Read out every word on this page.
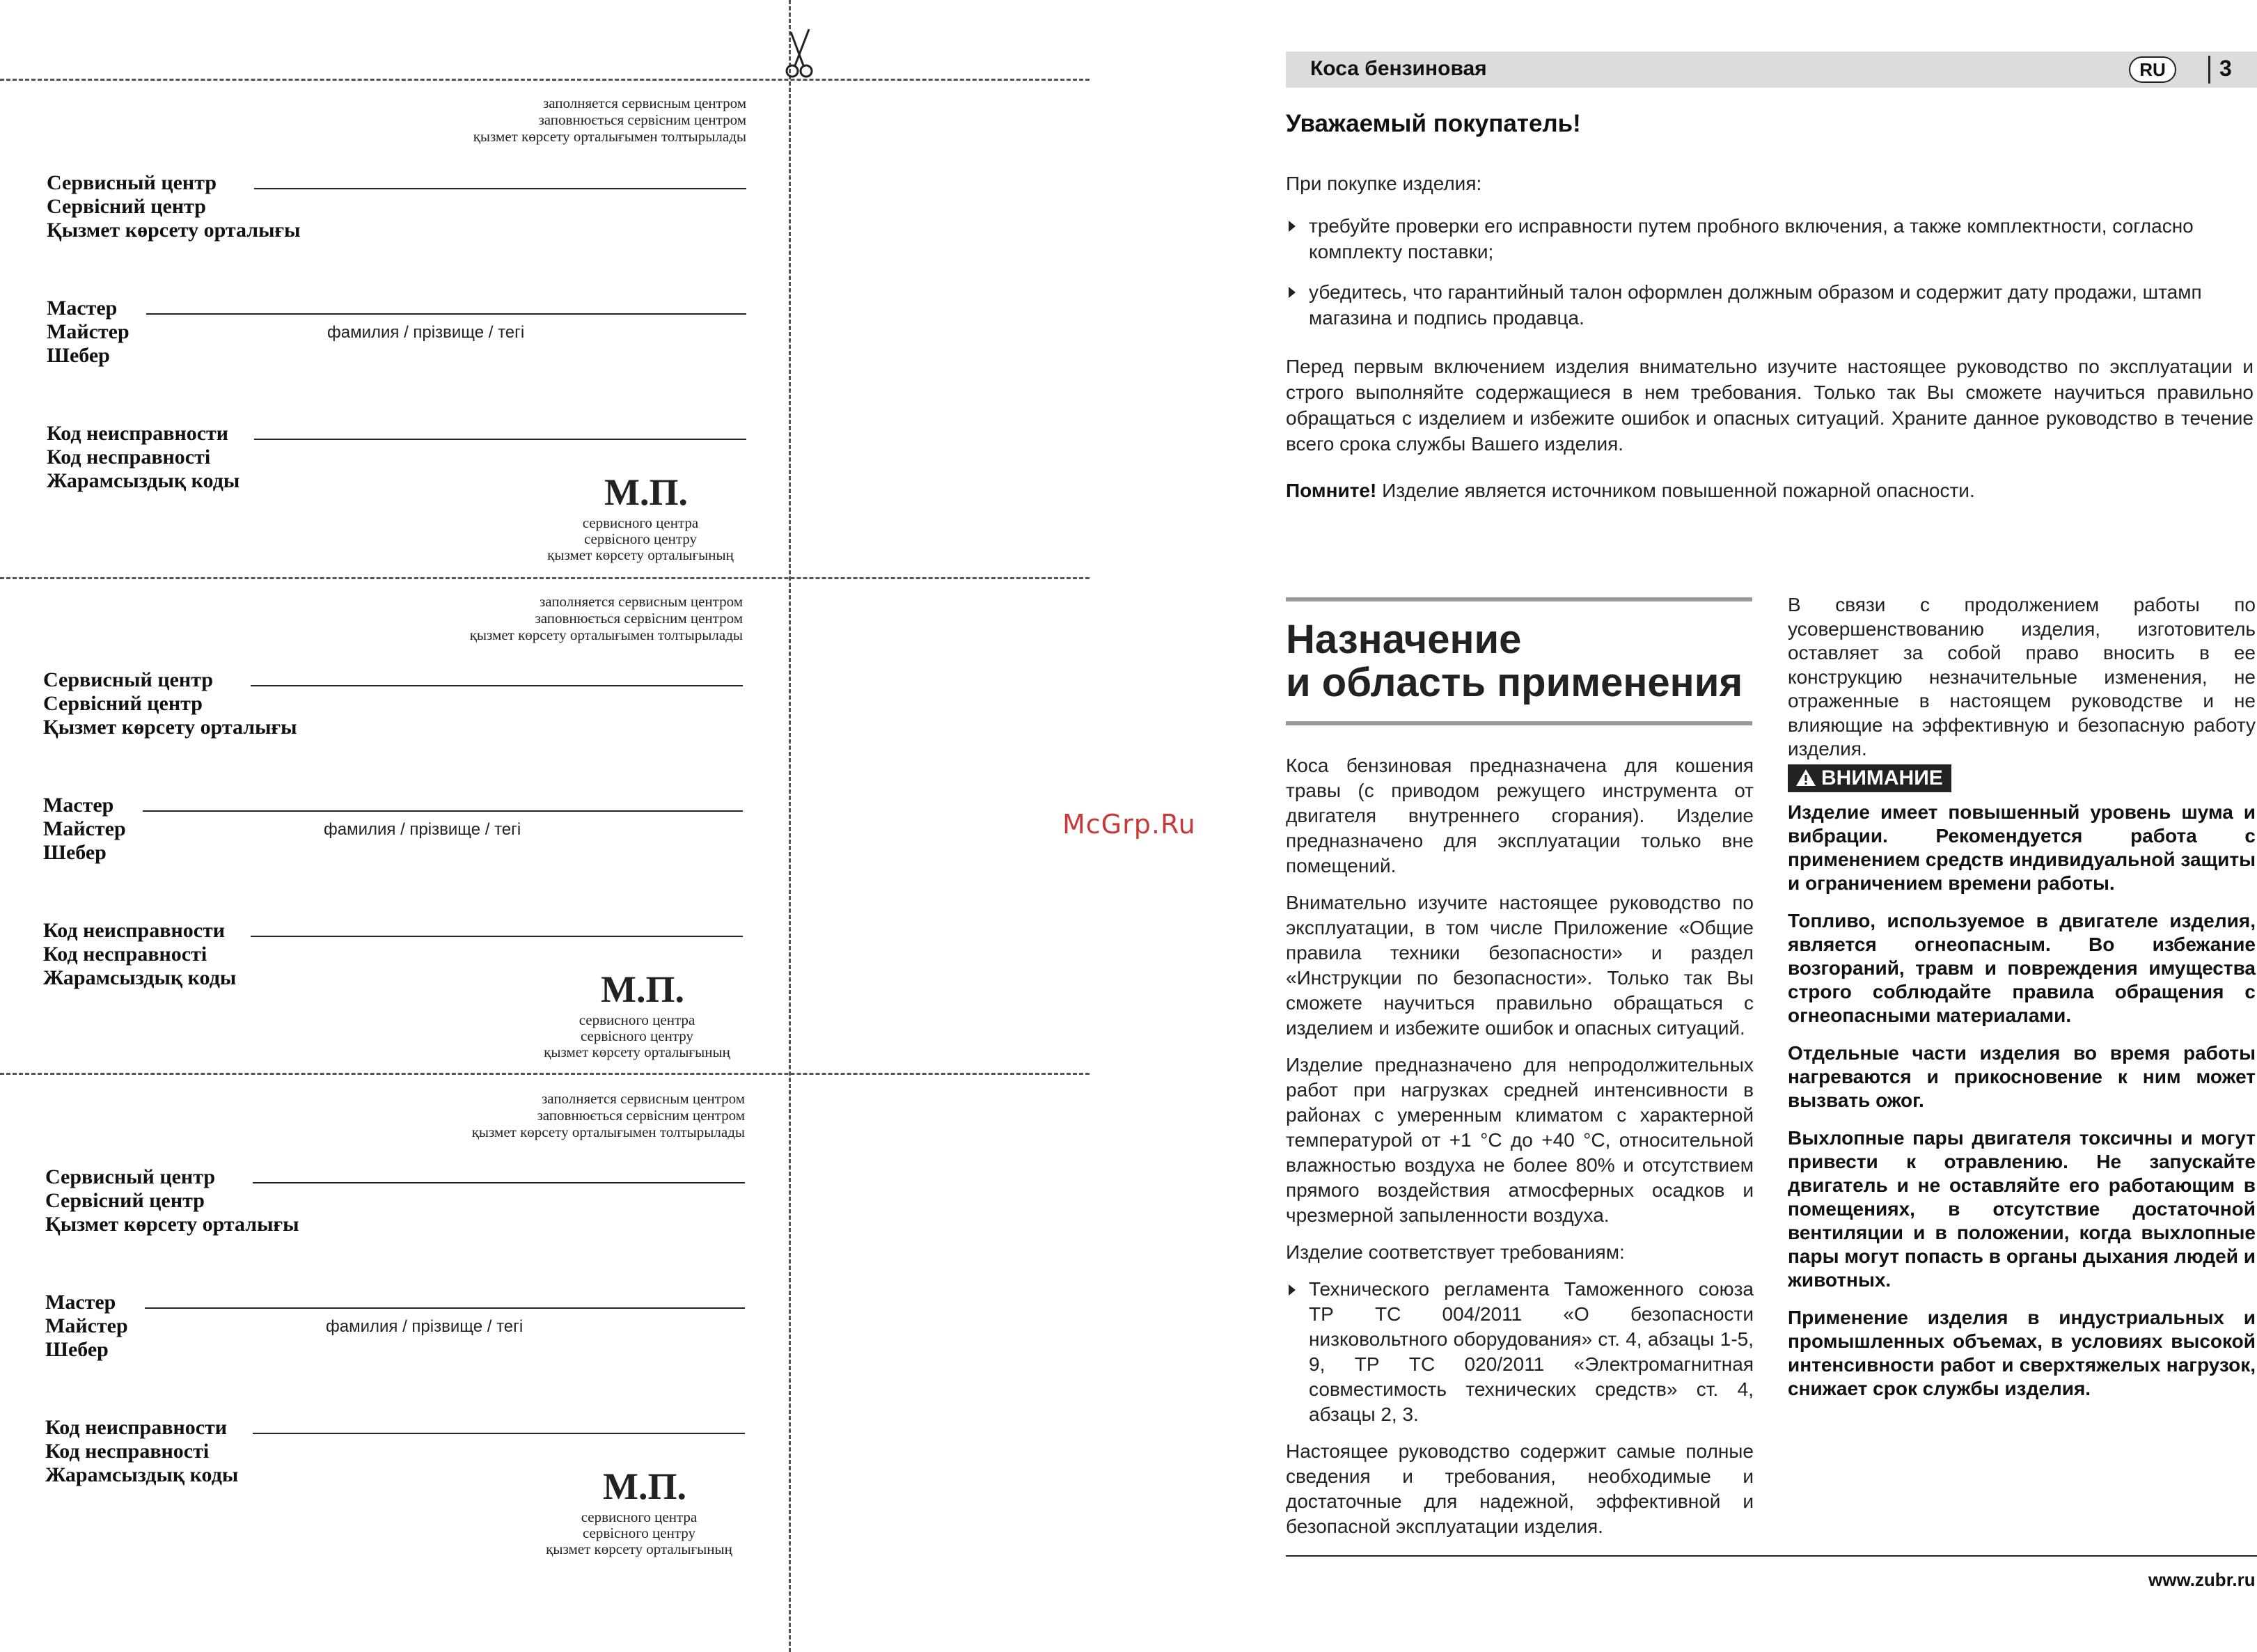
заполняется сервисным центром
заповнюється сервісним центром
қызмет көрсету орталығымен толтырылады
Сервисный центр
Сервісний центр
Қызмет көрсету орталығы
Мастер
Майстер
Шебер
фамилия / прізвище / тегі
Код неисправности
Код несправності
Жарамсыздық коды	М.П.
сервисного центра
сервісного центру
қызмет көрсету орталығының
заполняется сервисным центром
заповнюється сервісним центром
қызмет көрсету орталығымен толтырылады
Сервисный центр
Сервісний центр
Қызмет көрсету орталығы
Мастер
Майстер
Шебер
фамилия / прізвище / тегі
Код неисправности
Код несправності
Жарамсыздық коды	М.П.
сервисного центра
сервісного центру
қызмет көрсету орталығының
заполняется сервисным центром
заповнюється сервісним центром
қызмет көрсету орталығымен толтырылады
Сервисный центр
Сервісний центр
Қызмет көрсету орталығы
Мастер
Майстер
Шебер
фамилия / прізвище / тегі
Код неисправности
Код несправності
Жарамсыздық коды	М.П.
сервисного центра
сервісного центру
қызмет көрсету орталығының
McGrp.Ru
Коса бензиновая	RU	3
Уважаемый покупатель!
При покупке изделия:
требуйте проверки его исправности путем пробного включения, а также комплектности, согласно комплекту поставки;
убедитесь, что гарантийный талон оформлен должным образом и содержит дату продажи, штамп магазина и подпись продавца.
Перед первым включением изделия внимательно изучите настоящее руководство по эксплуатации и строго выполняйте содержащиеся в нем требования. Только так Вы сможете научиться правильно обращаться с изделием и избежите ошибок и опасных ситуаций. Храните данное руководство в течение всего срока службы Вашего изделия.
Помните! Изделие является источником повышенной пожарной опасности.
Назначение
и область применения

Коса бензиновая предназначена для кошения травы (с приводом режущего инструмента от двигателя внутреннего сгорания). Изделие предназначено для эксплуатации только вне помещений.

Внимательно изучите настоящее руководство по эксплуатации, в том числе Приложение «Общие правила техники безопасности» и раздел «Инструкции по безопасности». Только так Вы сможете научиться правильно обращаться с изделием и избежите ошибок и опасных ситуаций.

Изделие предназначено для непродолжительных работ при нагрузках средней интенсивности в районах с умеренным климатом с характерной температурой от +1 °С до +40 °С, относительной влажностью воздуха не более 80% и отсутствием прямого воздействия атмосферных осадков и чрезмерной запыленности воздуха.

Изделие соответствует требованиям:

Технического регламента Таможенного союза ТР ТС 004/2011 «О безопасности низковольтного оборудования» ст. 4, абзацы 1-5, 9, ТР ТС 020/2011 «Электромагнитная совместимость технических средств» ст. 4, абзацы 2, 3.

Настоящее руководство содержит самые полные сведения и требования, необходимые и достаточные для надежной, эффективной и безопасной эксплуатации изделия.

В связи с продолжением работы по усовершенствованию изделия, изготовитель оставляет за собой право вносить в ее конструкцию незначительные изменения, не отраженные в настоящем руководстве и не влияющие на эффективную и безопасную работу изделия.
ВНИМАНИЕ

Изделие имеет повышенный уровень шума и вибрации. Рекомендуется работа с применением средств индивидуальной защиты и ограничением времени работы.

Топливо, используемое в двигателе изделия, является огнеопасным. Во избежание возгораний, травм и повреждения имущества строго соблюдайте правила обращения с огнеопасными материалами.

Отдельные части изделия во время работы нагреваются и прикосновение к ним может вызвать ожог.

Выхлопные пары двигателя токсичны и могут привести к отравлению. Не запускайте двигатель и не оставляйте его работающим в помещениях, в отсутствие достаточной вентиляции и в положении, когда выхлопные пары могут попасть в органы дыхания людей и животных.

Применение изделия в индустриальных и промышленных объемах, в условиях высокой интенсивности работ и сверхтяжелых нагрузок, снижает срок службы изделия.

www.zubr.ru
